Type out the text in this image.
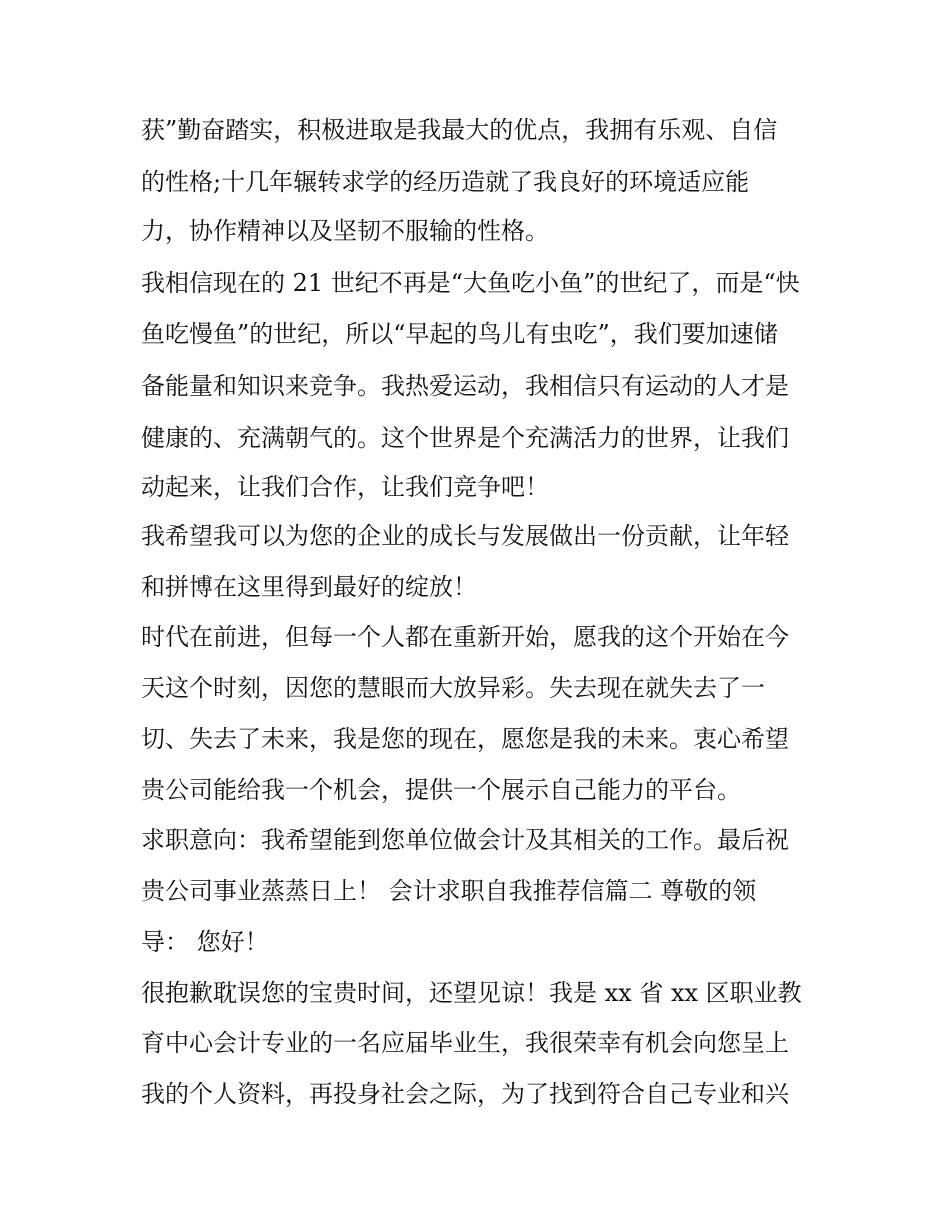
获”勤奋踏实，积极进取是我最大的优点，我拥有乐观、自信
的性格;十几年辗转求学的经历造就了我良好的环境适应能
力，协作精神以及坚韧不服输的性格。
我相信现在的 21 世纪不再是“大鱼吃小鱼”的世纪了，而是“快
鱼吃慢鱼”的世纪，所以“早起的鸟儿有虫吃”，我们要加速储
备能量和知识来竞争。我热爱运动，我相信只有运动的人才是
健康的、充满朝气的。这个世界是个充满活力的世界，让我们
动起来，让我们合作，让我们竞争吧！
我希望我可以为您的企业的成长与发展做出一份贡献，让年轻
和拼博在这里得到最好的绽放！
时代在前进，但每一个人都在重新开始，愿我的这个开始在今
天这个时刻，因您的慧眼而大放异彩。失去现在就失去了一
切、失去了未来，我是您的现在，愿您是我的未来。衷心希望
贵公司能给我一个机会，提供一个展示自己能力的平台。
求职意向：我希望能到您单位做会计及其相关的工作。最后祝
贵公司事业蒸蒸日上！ 会计求职自我推荐信篇二 尊敬的领
导： 您好！
很抱歉耽误您的宝贵时间，还望见谅！我是 xx 省 xx 区职业教
育中心会计专业的一名应届毕业生，我很荣幸有机会向您呈上
我的个人资料，再投身社会之际，为了找到符合自己专业和兴
